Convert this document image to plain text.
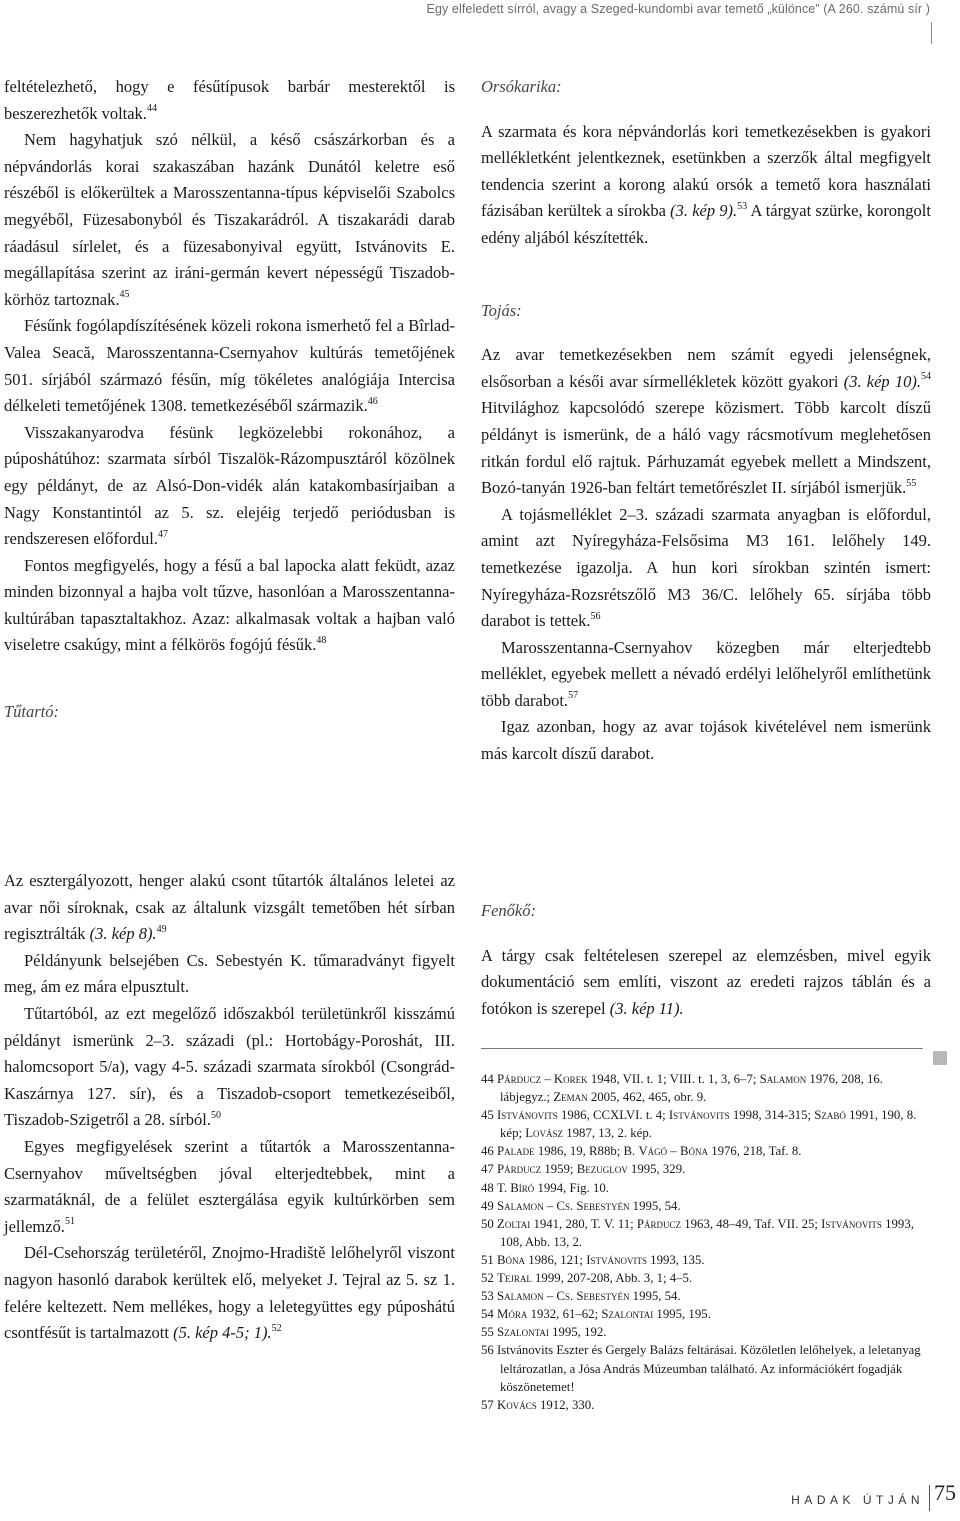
Egy elfeledett sírról, avagy a Szeged-kundombi avar temető „különce” (A 260. számú sír )

feltételezhető, hogy e fésűtípusok barbár mesterektől is beszerezhetők voltak.$^{44}$

Nem hagyhatjuk szó nélkül, a késő császárkorban és a népvándorlás korai szakaszában hazánk Dunától keletre eső részéből is előkerültek a Marosszentanna-típus képviselői Szabolcs megyéből, Füzesabonyból és Tiszakarádról. A tiszakarádi darab ráadásul sírlelet, és a füzesabonyival együtt, Istvánovits E. megállapítása szerint az iráni-germán kevert népességű Tiszadob-körhöz tartoznak.$^{45}$

Fésűnk fogólapdíszítésének közeli rokona ismerhető fel a Bîrlad-Valea Seacă, Marosszentanna-Csernyahov kultúrás temetőjének 501. sírjából származó fésűn, míg tökéletes analógiája Intercisa délkeleti temetőjének 1308. temetkezéséből származik.$^{46}$

Visszakanyarodva fésünk legközelebbi rokonához, a púposhátúhoz: szarmata sírból Tiszalök-Rázompusztáról közölnek egy példányt, de az Alsó-Don-vidék alán katakombasírjaiban a Nagy Konstantintól az 5. sz. elejéig terjedő periódusban is rendszeresen előfordul.$^{47}$

Fontos megfigyelés, hogy a fésű a bal lapocka alatt feküdt, azaz minden bizonnyal a hajba volt tűzve, hasonlóan a Marosszentanna-kultúrában tapasztaltakhoz. Azaz: alkalmasak voltak a hajban való viseletre csakúgy, mint a félkörös fogójú fésűk.$^{48}$

Tűtartó:

Az esztergályozott, henger alakú csont tűtartók általános leletei az avar női síroknak, csak az általunk vizsgált temetőben hét sírban regisztrálták (3. kép 8).$^{49}$

Példányunk belsejében Cs. Sebestyén K. tűmaradványt figyelt meg, ám ez mára elpusztult.

Tűtartóból, az ezt megelőző időszakból területünkről kisszámú példányt ismerünk 2–3. századi (pl.: Hortobágy-Poroshát, III. halomcsoport 5/a), vagy 4-5. századi szarmata sírokból (Csongrád-Kaszárnya 127. sír), és a Tiszadob-csoport temetkezéseiből, Tiszadob-Szigetről a 28. sírból.$^{50}$

Egyes megfigyelések szerint a tűtartók a Marosszentanna-Csernyahov műveltségben jóval elterjedtebbek, mint a szarmatáknál, de a felület esztergálása egyik kultúrkörben sem jellemző.$^{51}$

Dél-Csehország területéről, Znojmo-Hradiště lelőhelyről viszont nagyon hasonló darabok kerültek elő, melyeket J. Tejral az 5. sz 1. felére keltezett. Nem mellékes, hogy a leletegyüttes egy púposhátú csontfésűt is tartalmazott (5. kép 4-5; 1).$^{52}$

Orsókarika:

A szarmata és kora népvándorlás kori temetkezésekben is gyakori mellékletként jelentkeznek, esetünkben a szerzők által megfigyelt tendencia szerint a korong alakú orsók a temető kora használati fázisában kerültek a sírokba (3. kép 9).$^{53}$ A tárgyat szürke, korongolt edény aljából készítették.

Tojás:

Az avar temetkezésekben nem számít egyedi jelenségnek, elsősorban a késői avar sírmellékletek között gyakori (3. kép 10).$^{54}$ Hitvilághoz kapcsolódó szerepe közismert. Több karcolt díszű példányt is ismerünk, de a háló vagy rácsmotívum meglehetősen ritkán fordul elő rajtuk. Párhuzamát egyebek mellett a Mindszent, Bozó-tanyán 1926-ban feltárt temetőrészlet II. sírjából ismerjük.$^{55}$

A tojásmelléklet 2–3. századi szarmata anyagban is előfordul, amint azt Nyíregyháza-Felsősima M3 161. lelőhely 149. temetkezése igazolja. A hun kori sírokban szintén ismert: Nyíregyháza-Rozsrétszőlő M3 36/C. lelőhely 65. sírjába több darabot is tettek.$^{56}$

Marosszentanna-Csernyahov közegben már elterjedtebb melléklet, egyebek mellett a névadó erdélyi lelőhelyről említhetünk több darabot.$^{57}$

Igaz azonban, hogy az avar tojások kivételével nem ismerünk más karcolt díszű darabot.

Fenőkő:

A tárgy csak feltételesen szerepel az elemzésben, mivel egyik dokumentáció sem említi, viszont az eredeti rajzos táblán és a fotókon is szerepel (3. kép 11).

44 Párducz – Korek 1948, VII. t. 1; VIII. t. 1, 3, 6–7; Salamon 1976, 208, 16. lábjegyz.; Zeman 2005, 462, 465, obr. 9.

45 Istvánovits 1986, CCXLVI. t. 4; Istvánovits 1998, 314-315; Szabó 1991, 190, 8. kép; Lovász 1987, 13, 2. kép.

46 Palade 1986, 19, R88b; B. Vágó – Bóna 1976, 218, Taf. 8.

47 Párducz 1959; Bezuglov 1995, 329.

48 T. Bíró 1994, Fig. 10.

49 Salamon – Cs. Sebestyén 1995, 54.

50 Zoltai 1941, 280, T. V. 11; Párducz 1963, 48–49, Taf. VII. 25; Istvánovits 1993, 108, Abb. 13, 2.

51 Bóna 1986, 121; Istvánovits 1993, 135.

52 Tejral 1999, 207-208, Abb. 3, 1; 4–5.

53 Salamon – Cs. Sebestyén 1995, 54.

54 Móra 1932, 61–62; Szalontai 1995, 195.

55 Szalontai 1995, 192.

56 Istvánovits Eszter és Gergely Balázs feltárásai. Közöletlen lelőhelyek, a leletanyag leltározatlan, a Jósa András Múzeumban található. Az információkért fogadják köszönetemet!

57 Kovács 1912, 330.

HADAK ÚTJÁN 75
